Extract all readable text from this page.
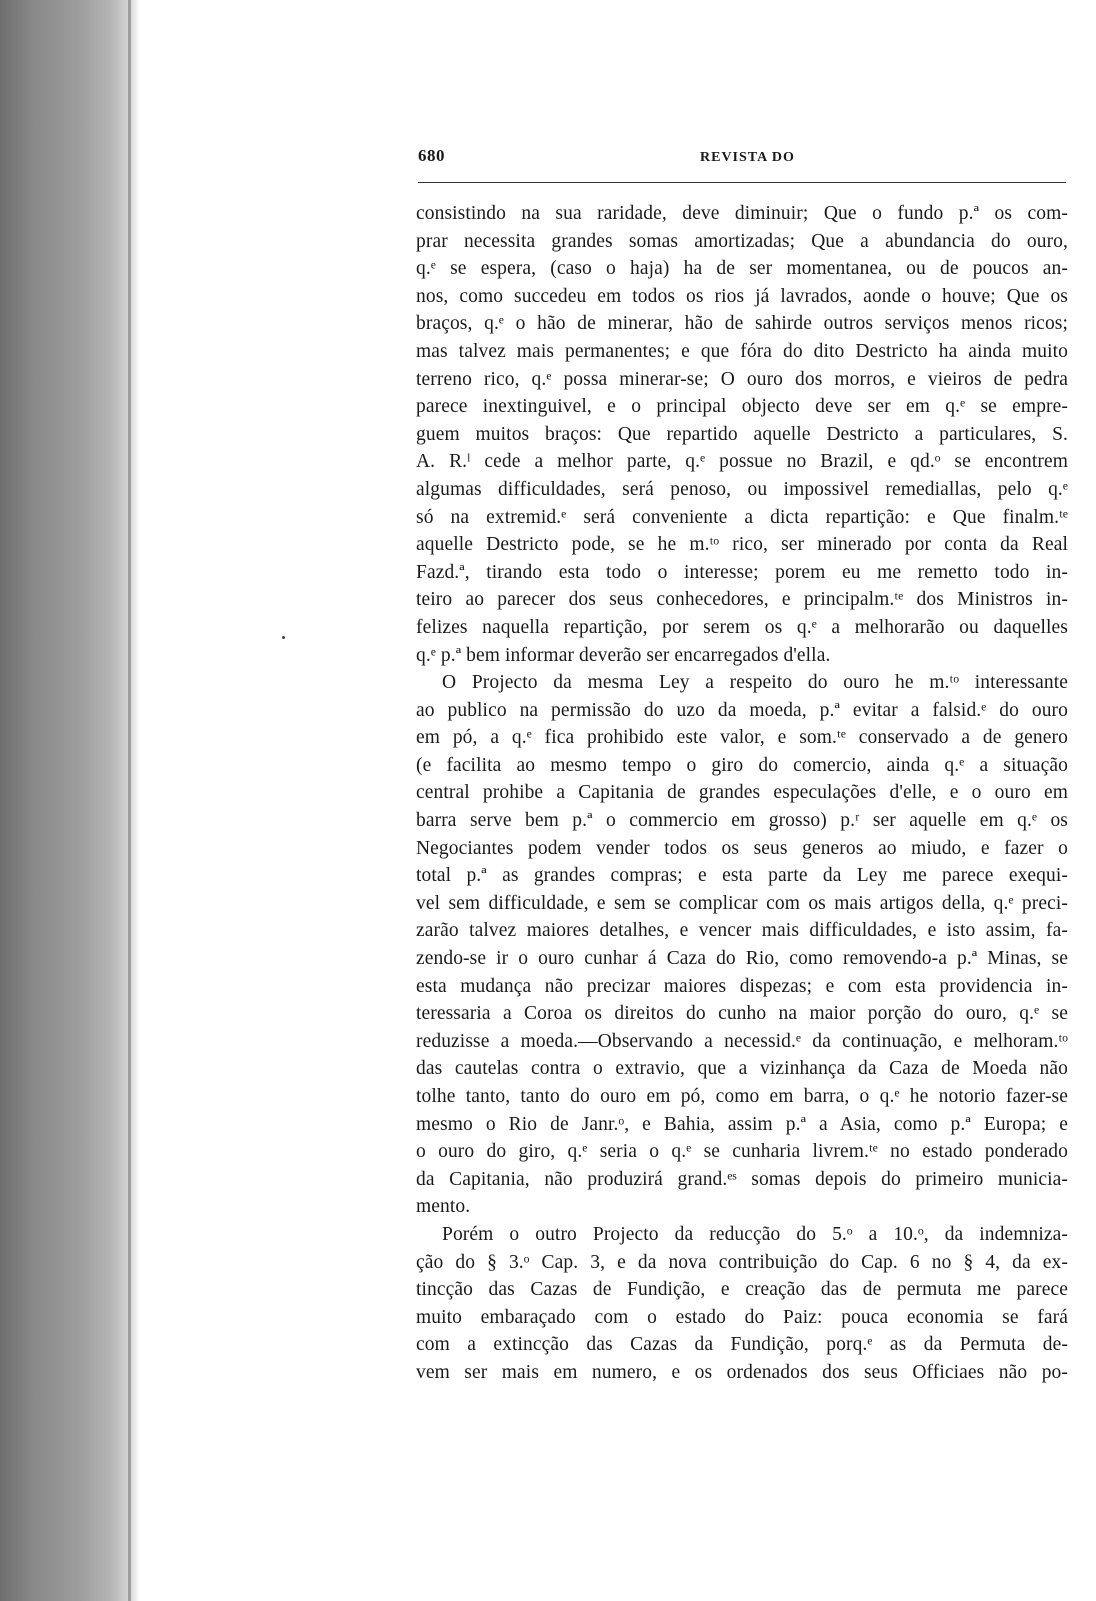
680	REVISTA DO
consistindo na sua raridade, deve diminuir; Que o fundo p.ª os com-
prar necessita grandes somas amortizadas; Que a abundancia do ouro,
q.ᵉ se espera, (caso o haja) ha de ser momentanea, ou de poucos an-
nos, como succedeu em todos os rios já lavrados, aonde o houve; Que os
braços, q.ᵉ o hão de minerar, hão de sahirde outros serviços menos ricos;
mas talvez mais permanentes; e que fóra do dito Destricto ha ainda muito
terreno rico, q.ᵉ possa minerar-se; O ouro dos morros, e vieiros de pedra
parece inextinguivel, e o principal objecto deve ser em q.ᵉ se empre-
guem muitos braços: Que repartido aquelle Destricto a particulares, S.
A. R.ˡ cede a melhor parte, q.ᵉ possue no Brazil, e qd.ᵒ se encontrem
algumas difficuldades, será penoso, ou impossivel remediallas, pelo q.ᵉ
só na extremid.ᵉ será conveniente a dicta repartição: e Que finalm.ᵗᵉ
aquelle Destricto pode, se he m.ᵗᵒ rico, ser minerado por conta da Real
Fazd.ª, tirando esta todo o interesse; porem eu me remetto todo in-
teiro ao parecer dos seus conhecedores, e principalm.ᵗᵉ dos Ministros in-
felizes naquella repartição, por serem os q.ᵉ a melhorarão ou daquelles
q.ᵉ p.ª bem informar deverão ser encarregados d'ella.
O Projecto da mesma Ley a respeito do ouro he m.ᵗᵒ interessante
ao publico na permissão do uzo da moeda, p.ª evitar a falsid.ᵉ do ouro
em pó, a q.ᵉ fica prohibido este valor, e som.ᵗᵉ conservado a de genero
(e facilita ao mesmo tempo o giro do comercio, ainda q.ᵉ a situação
central prohibe a Capitania de grandes especulações d'elle, e o ouro em
barra serve bem p.ª o commercio em grosso) p.ʳ ser aquelle em q.ᵉ os
Negociantes podem vender todos os seus generos ao miudo, e fazer o
total p.ª as grandes compras; e esta parte da Ley me parece exequi-
vel sem difficuldade, e sem se complicar com os mais artigos della, q.ᵉ preci-
zarão talvez maiores detalhes, e vencer mais difficuldades, e isto assim, fa-
zendo-se ir o ouro cunhar á Caza do Rio, como removendo-a p.ª Minas, se
esta mudança não precizar maiores dispezas; e com esta providencia in-
teressaria a Coroa os direitos do cunho na maior porção do ouro, q.ᵉ se
reduzisse a moeda.—Observando a necessid.ᵉ da continuação, e melhoram.ᵗᵒ
das cautelas contra o extravio, que a vizinhança da Caza de Moeda não
tolhe tanto, tanto do ouro em pó, como em barra, o q.ᵉ he notorio fazer-se
mesmo o Rio de Janr.ᵒ, e Bahia, assim p.ª a Asia, como p.ª Europa; e
o ouro do giro, q.ᵉ seria o q.ᵉ se cunharia livrem.ᵗᵉ no estado ponderado
da Capitania, não produzirá grand.ᵉˢ somas depois do primeiro municia-
mento.
Porém o outro Projecto da reducção do 5.ᵒ a 10.ᵒ, da indemniza-
ção do § 3.ᵒ Cap. 3, e da nova contribuição do Cap. 6 no § 4, da ex-
tincção das Cazas de Fundição, e creação das de permuta me parece
muito embaraçado com o estado do Paiz: pouca economia se fará
com a extincção das Cazas da Fundição, porq.ᵉ as da Permuta de-
vem ser mais em numero, e os ordenados dos seus Officiaes não po-
